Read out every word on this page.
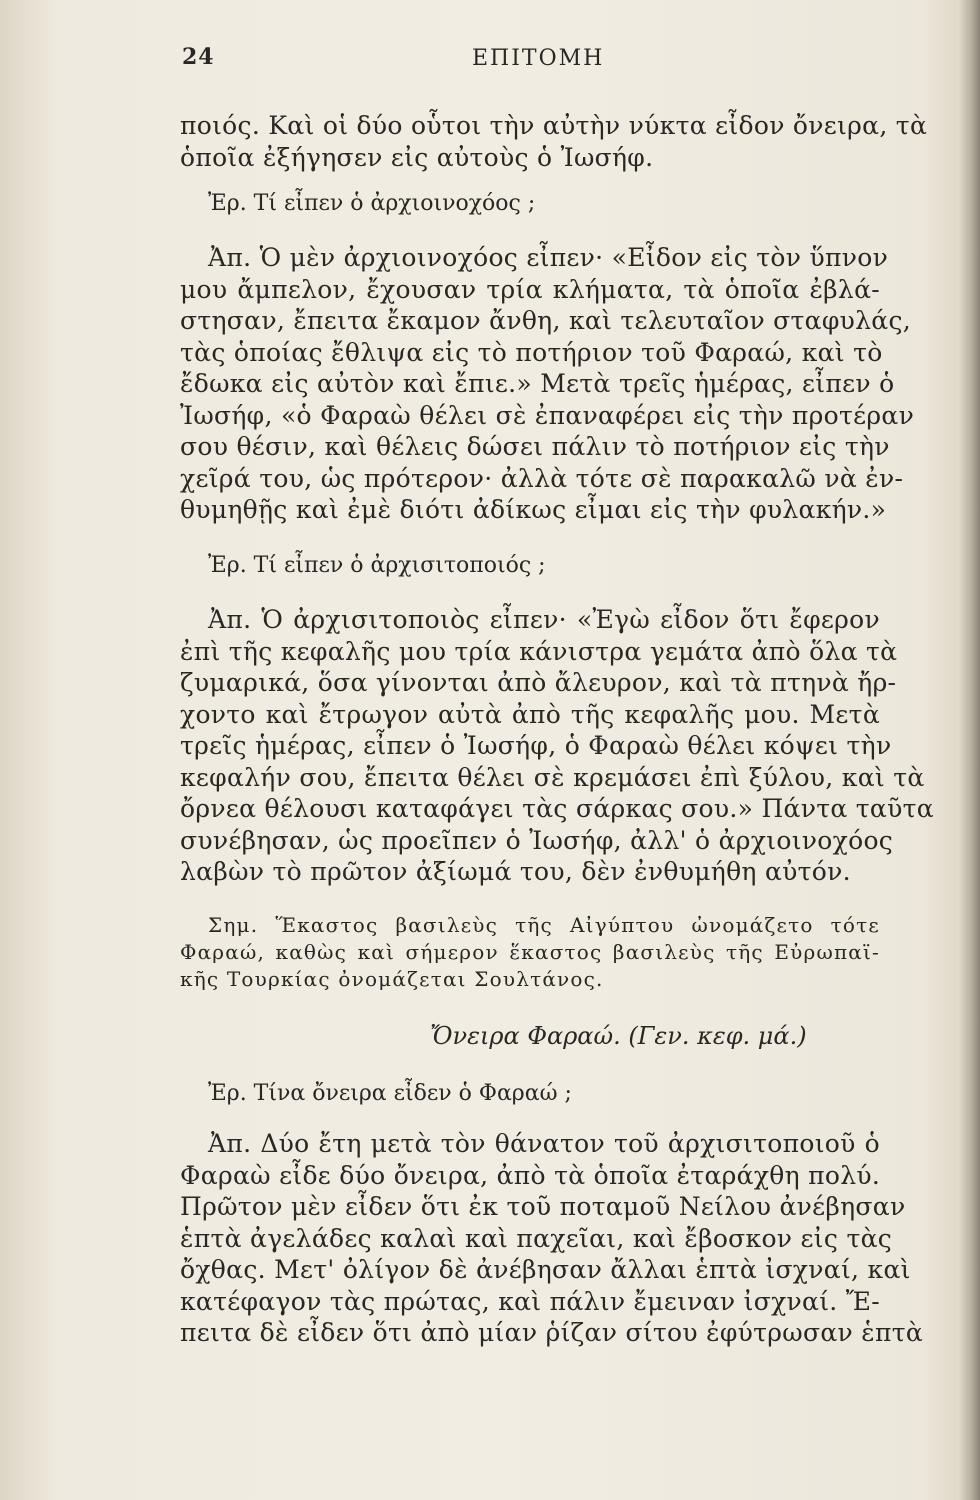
24	ΕΠΙΤΟΜΗ
ποιός. Καὶ οἱ δύο οὗτοι τὴν αὐτὴν νύκτα εἶδον ὄνειρα, τὰ
ὁποῖα ἐξήγησεν εἰς αὐτοὺς ὁ Ἰωσήφ.
Ἐρ. Τί εἶπεν ὁ ἀρχιοινοχόος ;
Ἀπ. Ὁ μὲν ἀρχιοινοχόος εἶπεν· «Εἶδον εἰς τὸν ὕπνον
μου ἄμπελον, ἔχουσαν τρία κλήματα, τὰ ὁποῖα ἐβλά-
στησαν, ἔπειτα ἔκαμον ἄνθη, καὶ τελευταῖον σταφυλάς,
τὰς ὁποίας ἔθλιψα εἰς τὸ ποτήριον τοῦ Φαραώ, καὶ τὸ
ἔδωκα εἰς αὐτὸν καὶ ἔπιε.» Μετὰ τρεῖς ἡμέρας, εἶπεν ὁ
Ἰωσήφ, «ὁ Φαραὼ θέλει σὲ ἐπαναφέρει εἰς τὴν προτέραν
σου θέσιν, καὶ θέλεις δώσει πάλιν τὸ ποτήριον εἰς τὴν
χεῖρά του, ὡς πρότερον· ἀλλὰ τότε σὲ παρακαλῶ νὰ ἐν-
θυμηθῇς καὶ ἐμὲ διότι ἀδίκως εἶμαι εἰς τὴν φυλακήν.»
Ἐρ. Τί εἶπεν ὁ ἀρχισιτοποιός ;
Ἀπ. Ὁ ἀρχισιτοποιὸς εἶπεν· «Ἐγὼ εἶδον ὅτι ἔφερον
ἐπὶ τῆς κεφαλῆς μου τρία κάνιστρα γεμάτα ἀπὸ ὅλα τὰ
ζυμαρικά, ὅσα γίνονται ἀπὸ ἄλευρον, καὶ τὰ πτηνὰ ἤρ-
χοντο καὶ ἔτρωγον αὐτὰ ἀπὸ τῆς κεφαλῆς μου. Μετὰ
τρεῖς ἡμέρας, εἶπεν ὁ Ἰωσήφ, ὁ Φαραὼ θέλει κόψει τὴν
κεφαλήν σου, ἔπειτα θέλει σὲ κρεμάσει ἐπὶ ξύλου, καὶ τὰ
ὄρνεα θέλουσι καταφάγει τὰς σάρκας σου.» Πάντα ταῦτα
συνέβησαν, ὡς προεῖπεν ὁ Ἰωσήφ, ἀλλ' ὁ ἀρχιοινοχόος
λαβὼν τὸ πρῶτον ἀξίωμά του, δὲν ἐνθυμήθη αὐτόν.
Σημ. Ἕκαστος βασιλεὺς τῆς Αἰγύπτου ὠνομάζετο τότε
Φαραώ, καθὼς καὶ σήμερον ἕκαστος βασιλεὺς τῆς Εὐρωπαϊ-
κῆς Τουρκίας ὀνομάζεται Σουλτάνος.
Ὄνειρα Φαραώ. (Γεν. κεφ. μά.)
Ἐρ. Τίνα ὄνειρα εἶδεν ὁ Φαραώ ;
Ἀπ. Δύο ἔτη μετὰ τὸν θάνατον τοῦ ἀρχισιτοποιοῦ ὁ
Φαραὼ εἶδε δύο ὄνειρα, ἀπὸ τὰ ὁποῖα ἐταράχθη πολύ.
Πρῶτον μὲν εἶδεν ὅτι ἐκ τοῦ ποταμοῦ Νείλου ἀνέβησαν
ἑπτὰ ἀγελάδες καλαὶ καὶ παχεῖαι, καὶ ἔβοσκον εἰς τὰς
ὄχθας. Μετ' ὀλίγον δὲ ἀνέβησαν ἄλλαι ἑπτὰ ἰσχναί, καὶ
κατέφαγον τὰς πρώτας, καὶ πάλιν ἔμειναν ἰσχναί. Ἔ-
πειτα δὲ εἶδεν ὅτι ἀπὸ μίαν ῥίζαν σίτου ἐφύτρωσαν ἑπτὰ
